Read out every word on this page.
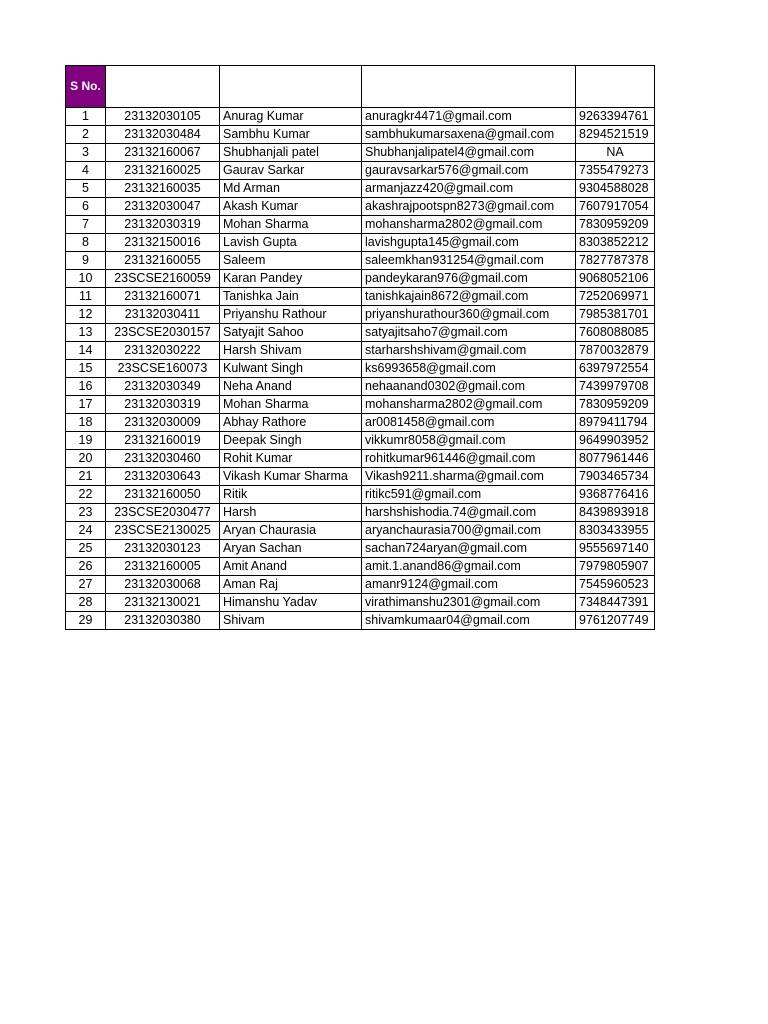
S No.				
1	23132030105	Anurag Kumar	anuragkr4471@gmail.com	9263394761
2	23132030484	Sambhu Kumar	sambhukumarsaxena@gmail.com	8294521519
3	23132160067	Shubhanjali patel	Shubhanjalipatel4@gmail.com	NA
4	23132160025	Gaurav Sarkar	gauravsarkar576@gmail.com	7355479273
5	23132160035	Md Arman	armanjazz420@gmail.com	9304588028
6	23132030047	Akash Kumar	akashrajpootspn8273@gmail.com	7607917054
7	23132030319	Mohan Sharma	mohansharma2802@gmail.com	7830959209
8	23132150016	Lavish Gupta	lavishgupta145@gmail.com	8303852212
9	23132160055	Saleem	saleemkhan931254@gmail.com	7827787378
10	23SCSE2160059	Karan Pandey	pandeykaran976@gmail.com	9068052106
11	23132160071	Tanishka Jain	tanishkajain8672@gmail.com	7252069971
12	23132030411	Priyanshu Rathour	priyanshurathour360@gmail.com	7985381701
13	23SCSE2030157	Satyajit Sahoo	satyajitsaho7@gmail.com	7608088085
14	23132030222	Harsh Shivam	starharshshivam@gmail.com	7870032879
15	23SCSE160073	Kulwant Singh	ks6993658@gmail.com	6397972554
16	23132030349	Neha Anand	nehaanand0302@gmail.com	7439979708
17	23132030319	Mohan Sharma	mohansharma2802@gmail.com	7830959209
18	23132030009	Abhay Rathore	ar0081458@gmail.com	8979411794
19	23132160019	Deepak Singh	vikkumr8058@gmail.com	9649903952
20	23132030460	Rohit Kumar	rohitkumar961446@gmail.com	8077961446
21	23132030643	Vikash Kumar Sharma	Vikash9211.sharma@gmail.com	7903465734
22	23132160050	Ritik	ritikc591@gmail.com	9368776416
23	23SCSE2030477	Harsh	harshshishodia.74@gmail.com	8439893918
24	23SCSE2130025	Aryan Chaurasia	aryanchaurasia700@gmail.com	8303433955
25	23132030123	Aryan Sachan	sachan724aryan@gmail.com	9555697140
26	23132160005	Amit Anand	amit.1.anand86@gmail.com	7979805907
27	23132030068	Aman Raj	amanr9124@gmail.com	7545960523
28	23132130021	Himanshu Yadav	virathimanshu2301@gmail.com	7348447391
29	23132030380	Shivam	shivamkumaar04@gmail.com	9761207749
